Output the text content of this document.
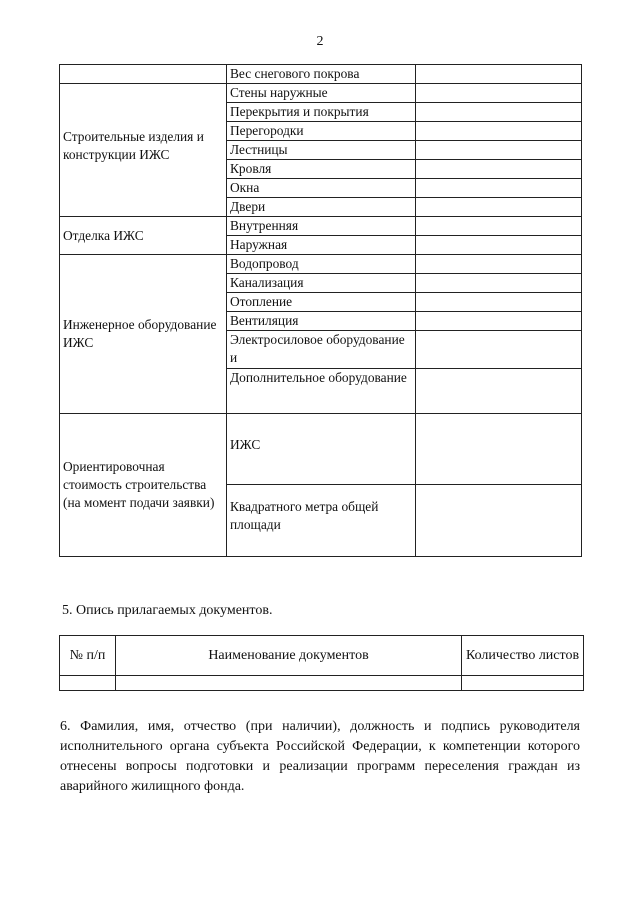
2
	Вес снегового покрова	
Строительные изделия и конструкции ИЖС	Стены наружные	
	Перекрытия и покрытия	
	Перегородки	
	Лестницы	
	Кровля	
	Окна	
	Двери	
Отделка ИЖС	Внутренняя	
	Наружная	
Инженерное оборудование ИЖС	Водопровод	
	Канализация	
	Отопление	
	Вентиляция	
	Электросиловое оборудование и	
	Дополнительное оборудование	
Ориентировочная стоимость строительства (на момент подачи заявки)	ИЖС	
	Квадратного метра общей площади	
5. Опись прилагаемых документов.
№ п/п	Наименование документов	Количество листов

6. Фамилия, имя, отчество (при наличии), должность и подпись руководителя исполнительного органа субъекта Российской Федерации, к компетенции которого отнесены вопросы подготовки и реализации программ переселения граждан из аварийного жилищного фонда.
